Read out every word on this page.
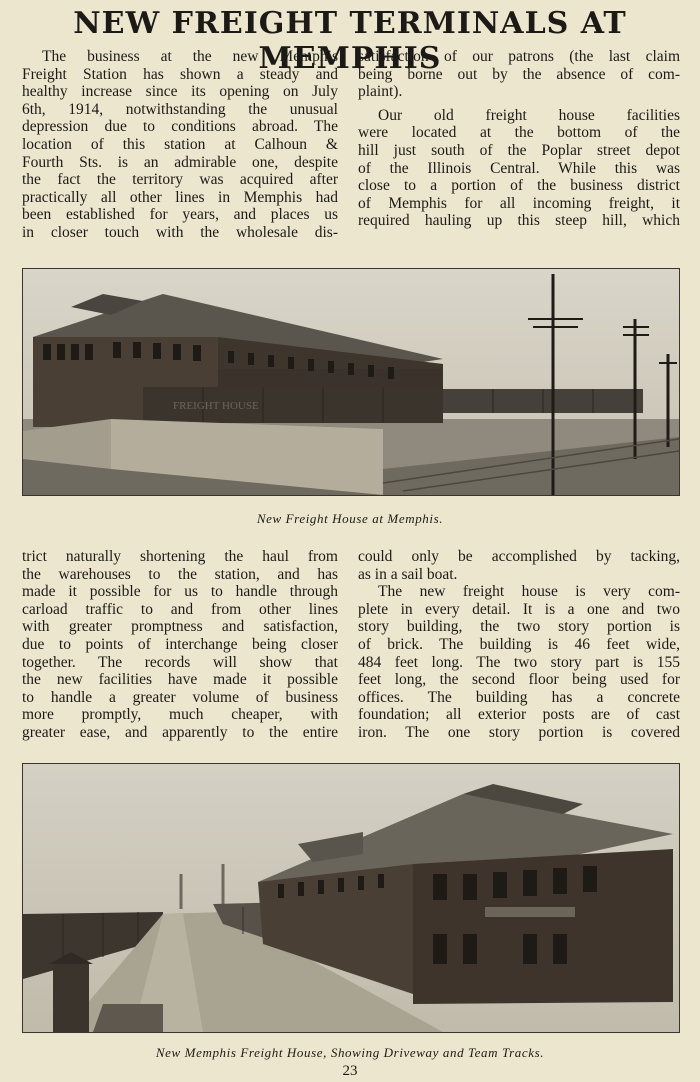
NEW FREIGHT TERMINALS AT MEMPHIS
The business at the new Memphis
Freight Station has shown a steady and
healthy increase since its opening on July
6th, 1914, notwithstanding the unusual
depression due to conditions abroad. The
location of this station at Calhoun &
Fourth Sts. is an admirable one, despite
the fact the territory was acquired after
practically all other lines in Memphis had
been established for years, and places us
in closer touch with the wholesale dis-
satisfaction of our patrons (the last claim
being borne out by the absence of com-
plaint).
Our old freight house facilities
were located at the bottom of the
hill just south of the Poplar street depot
of the Illinois Central. While this was
close to a portion of the business district
of Memphis for all incoming freight, it
required hauling up this steep hill, which
FREIGHT HOUSE
New Freight House at Memphis.
trict naturally shortening the haul from
the warehouses to the station, and has
made it possible for us to handle through
carload traffic to and from other lines
with greater promptness and satisfaction,
due to points of interchange being closer
together. The records will show that
the new facilities have made it possible
to handle a greater volume of business
more promptly, much cheaper, with
greater ease, and apparently to the entire
could only be accomplished by tacking,
as in a sail boat.
The new freight house is very com-
plete in every detail. It is a one and two
story building, the two story portion is
of brick. The building is 46 feet wide,
484 feet long. The two story part is 155
feet long, the second floor being used for
offices. The building has a concrete
foundation; all exterior posts are of cast
iron. The one story portion is covered
New Memphis Freight House, Showing Driveway and Team Tracks.
23
